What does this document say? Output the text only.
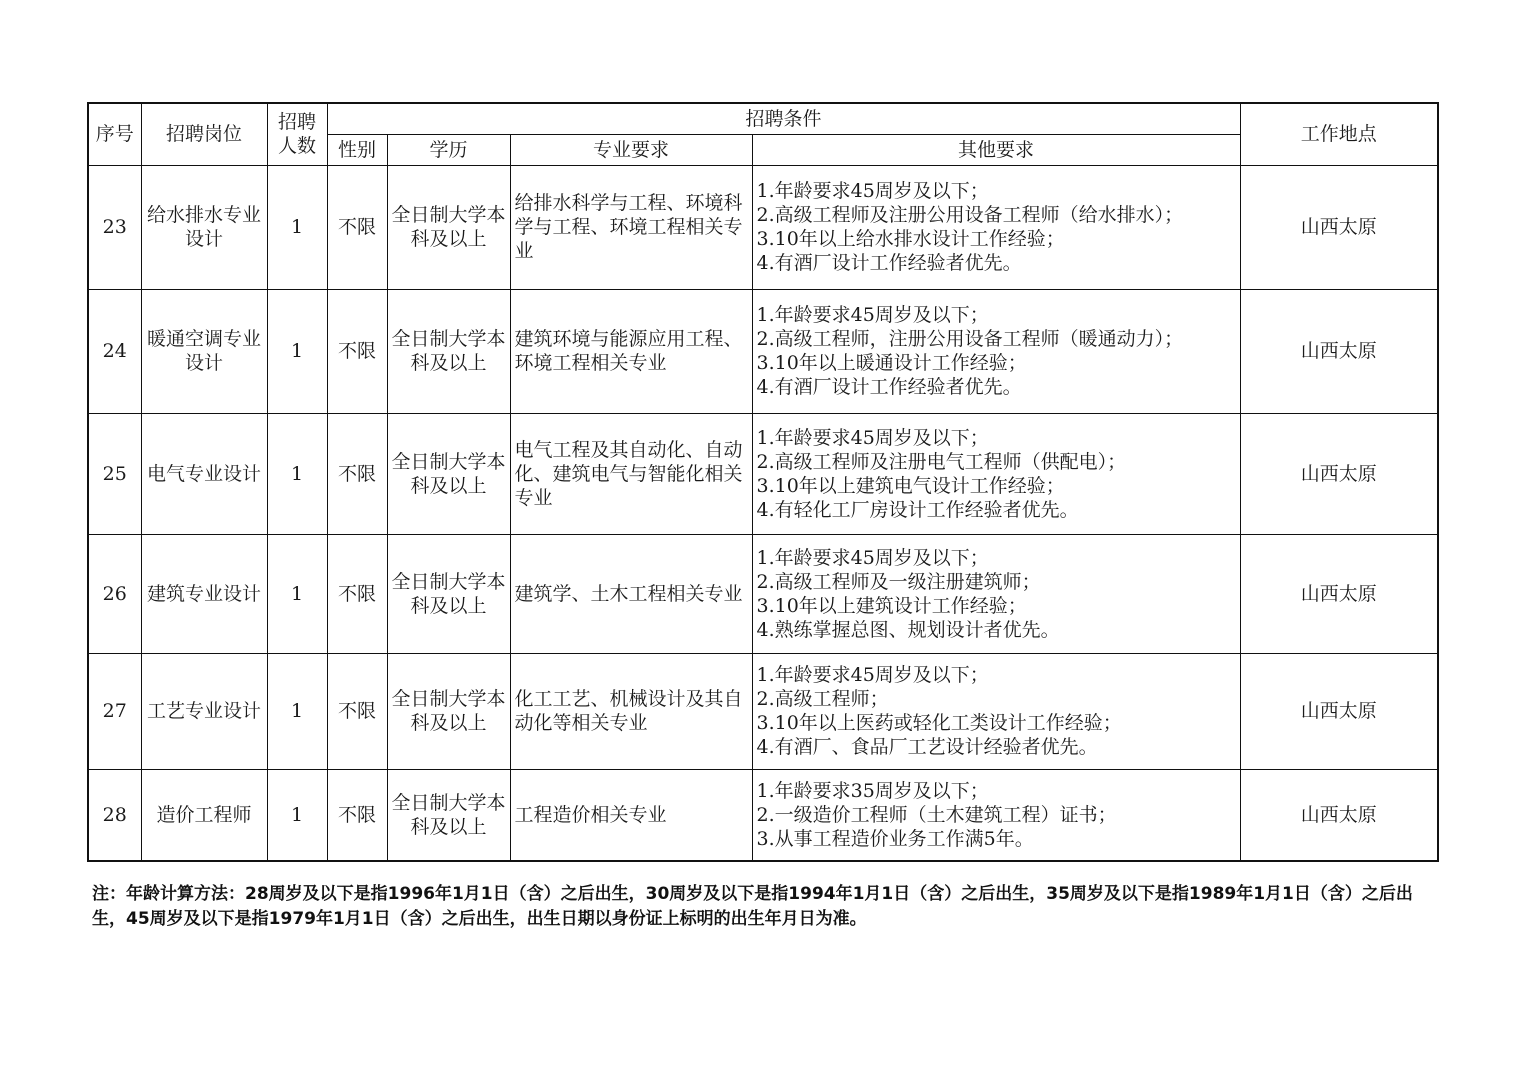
序号	招聘岗位	招聘
人数	招聘条件				工作地点
			性别	学历	专业要求	其他要求	
23	给水排水专业设计	1	不限	全日制大学本科及以上	给排水科学与工程、环境科学与工程、环境工程相关专业	1.年龄要求45周岁及以下；
2.高级工程师及注册公用设备工程师（给水排水）；
3.10年以上给水排水设计工作经验；
4.有酒厂设计工作经验者优先。	山西太原
24	暖通空调专业设计	1	不限	全日制大学本科及以上	建筑环境与能源应用工程、环境工程相关专业	1.年龄要求45周岁及以下；
2.高级工程师，注册公用设备工程师（暖通动力）；
3.10年以上暖通设计工作经验；
4.有酒厂设计工作经验者优先。	山西太原
25	电气专业设计	1	不限	全日制大学本科及以上	电气工程及其自动化、自动化、建筑电气与智能化相关专业	1.年龄要求45周岁及以下；
2.高级工程师及注册电气工程师（供配电）；
3.10年以上建筑电气设计工作经验；
4.有轻化工厂房设计工作经验者优先。	山西太原
26	建筑专业设计	1	不限	全日制大学本科及以上	建筑学、土木工程相关专业	1.年龄要求45周岁及以下；
2.高级工程师及一级注册建筑师；
3.10年以上建筑设计工作经验；
4.熟练掌握总图、规划设计者优先。	山西太原
27	工艺专业设计	1	不限	全日制大学本科及以上	化工工艺、机械设计及其自动化等相关专业	1.年龄要求45周岁及以下；
2.高级工程师；
3.10年以上医药或轻化工类设计工作经验；
4.有酒厂、食品厂工艺设计经验者优先。	山西太原
28	造价工程师	1	不限	全日制大学本科及以上	工程造价相关专业	1.年龄要求35周岁及以下；
2.一级造价工程师（土木建筑工程）证书；
3.从事工程造价业务工作满5年。	山西太原
注：年龄计算方法：28周岁及以下是指1996年1月1日（含）之后出生，30周岁及以下是指1994年1月1日（含）之后出生，35周岁及以下是指1989年1月1日（含）之后出生，45周岁及以下是指1979年1月1日（含）之后出生，出生日期以身份证上标明的出生年月日为准。
